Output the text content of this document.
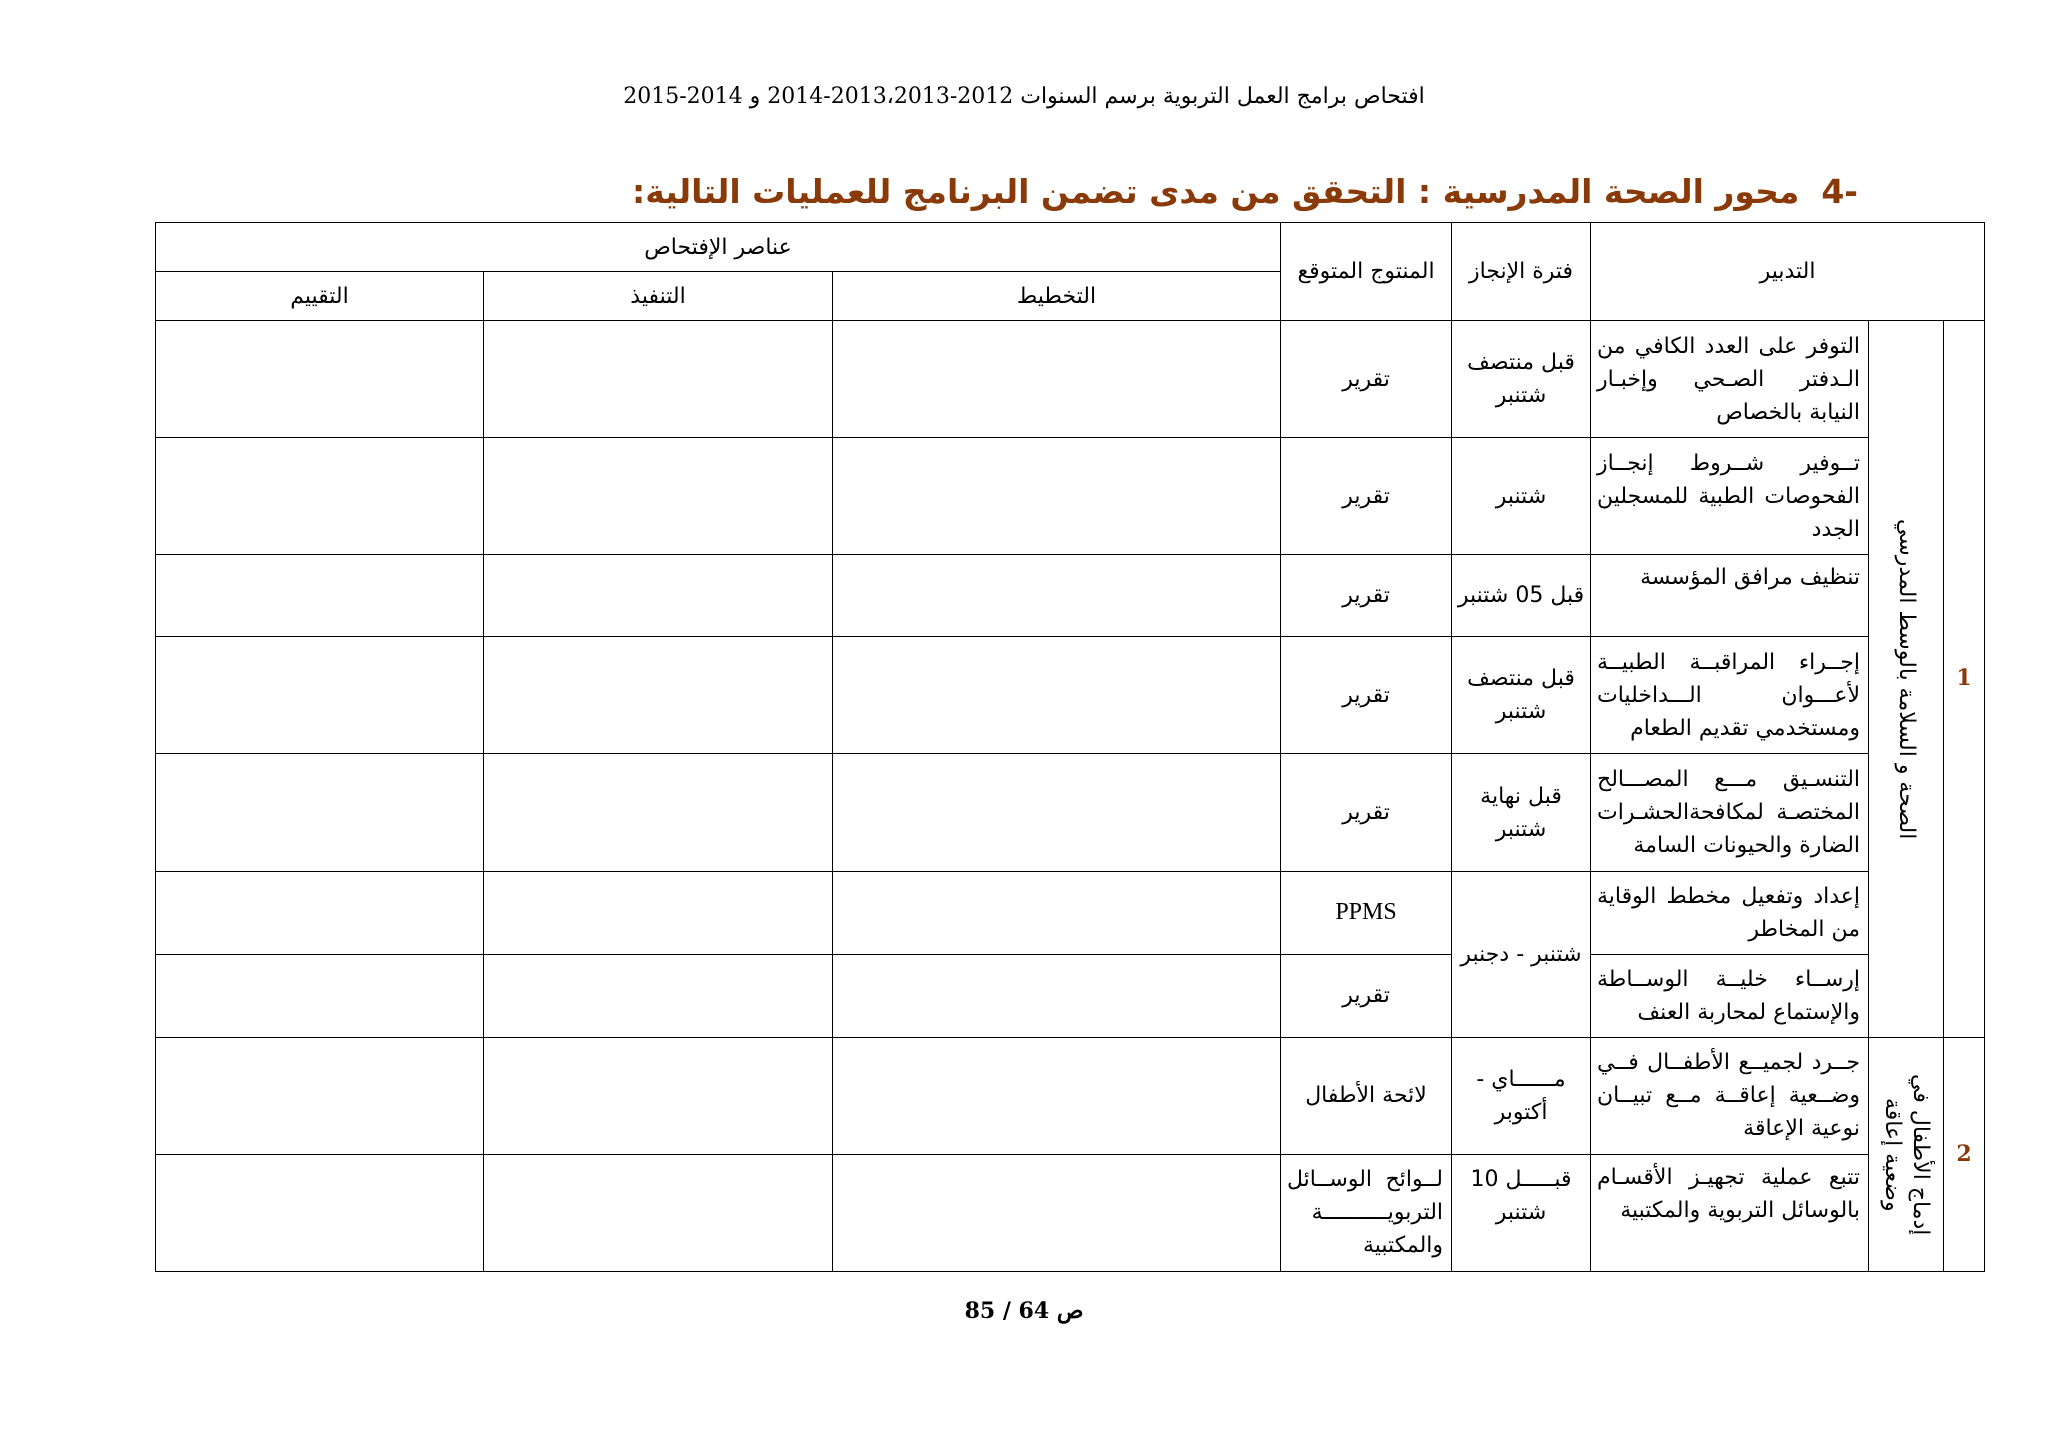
افتحاص برامج العمل التربوية برسم السنوات 2012-2013،2013-2014 و 2014-2015
-4محور الصحة المدرسية : التحقق من مدى تضمن البرنامج للعمليات التالية:
التدبير			فترة الإنجاز	المنتوج المتوقع	عناصر الإفتحاص		
					التخطيط	التنفيذ	التقييم
1	الصحة و السلامة بالوسط المدرسي	التوفر على العدد الكافي من الـدفتر الصـحي وإخبـار النيابة بالخصاص	قبل منتصف شتنبر	تقرير			
		تــوفير شــروط إنجــاز الفحوصات الطبية للمسجلين الجدد	شتنبر	تقرير			
		تنظيف مرافق المؤسسة	قبل 05 شتنبر	تقرير			
		إجــراء المراقبــة الطبيــة لأعـــوان الـــداخليات ومستخدمي تقديم الطعام	قبل منتصف شتنبر	تقرير			
		التنسـيق مـــع المصـــالح المختصـة لمكافحةالحشـرات الضارة والحيونات السامة	قبل نهاية شتنبر	تقرير			
		إعداد وتفعيل مخطط الوقاية من المخاطر	شتنبر - دجنبر	PPMS			
		إرســاء خليــة الوســاطة والإستماع لمحاربة العنف		تقرير			
2	إدماج الأطفال في وضعية إعاقة	جــرد لجميــع الأطفــال فــي وضــعية إعاقــة مــع تبيــان نوعية الإعاقة	مــــــاي - أكتوبر	لائحة الأطفال			
		تتبع عملية تجهيـز الأقسـام بالوسائل التربوية والمكتبية	قبـــــل 10 شتنبر	لــوائح الوســائل التربويــــــــــة والمكتبية			
85 / 64 ص
